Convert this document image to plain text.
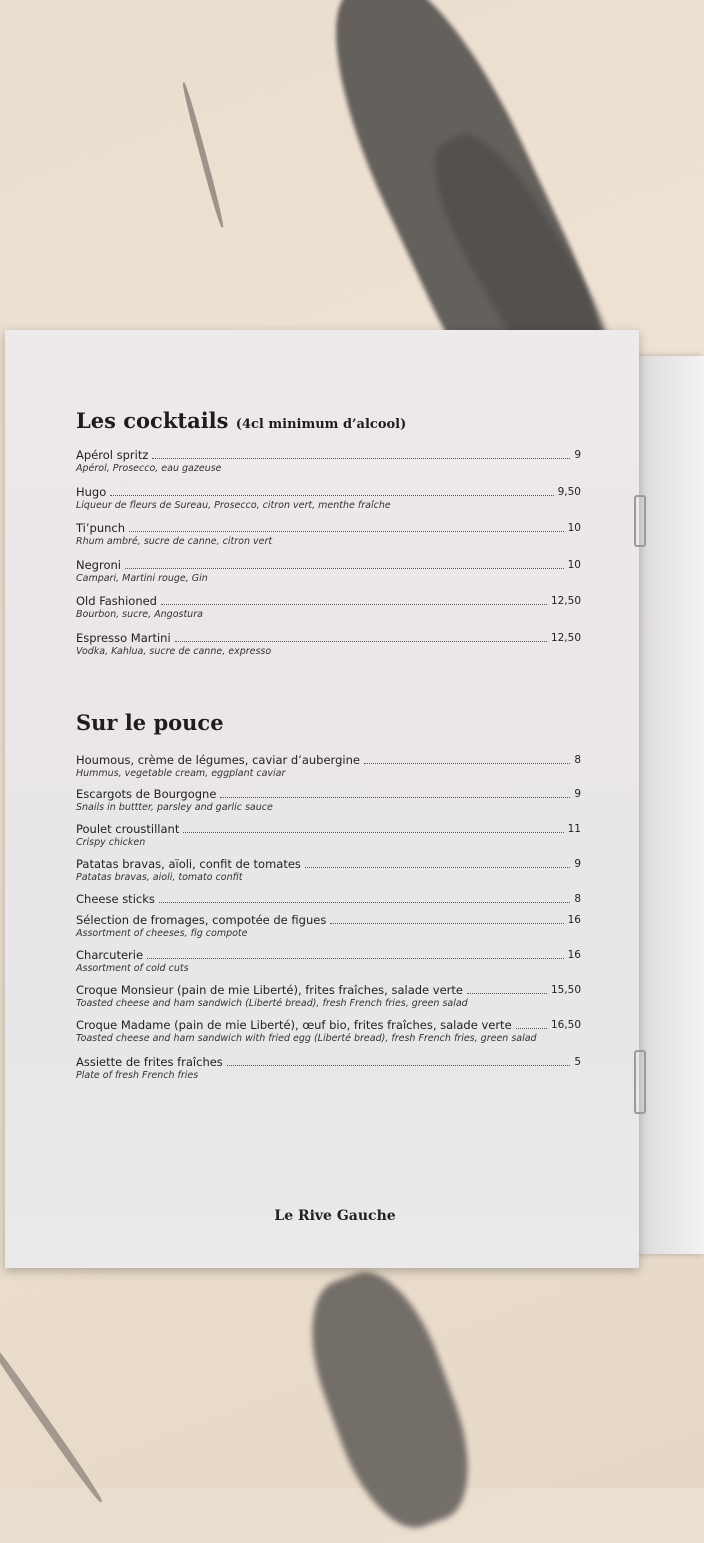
Les cocktails (4cl minimum d’alcool)
Apérol spritz	9
Apérol, Prosecco, eau gazeuse
Hugo	9,50
Liqueur de fleurs de Sureau, Prosecco, citron vert, menthe fraîche
Ti’punch	10
Rhum ambré, sucre de canne, citron vert
Negroni	10
Campari, Martini rouge, Gin
Old Fashioned	12,50
Bourbon, sucre, Angostura
Espresso Martini	12,50
Vodka, Kahlua, sucre de canne, expresso
Sur le pouce
Houmous, crème de légumes, caviar d’aubergine	8
Hummus, vegetable cream, eggplant caviar
Escargots de Bourgogne	9
Snails in buttter, parsley and garlic sauce
Poulet croustillant	11
Crispy chicken
Patatas bravas, aïoli, confit de tomates	9
Patatas bravas, aioli, tomato confit
Cheese sticks	8
Sélection de fromages, compotée de figues	16
Assortment of cheeses, fig compote
Charcuterie	16
Assortment of cold cuts
Croque Monsieur (pain de mie Liberté), frites fraîches, salade verte	15,50
Toasted cheese and ham sandwich (Liberté bread), fresh French fries, green salad
Croque Madame (pain de mie Liberté), œuf bio, frites fraîches, salade verte	16,50
Toasted cheese and ham sandwich with fried egg (Liberté bread), fresh French fries, green salad
Assiette de frites fraîches	5
Plate of fresh French fries
Le Rive Gauche
